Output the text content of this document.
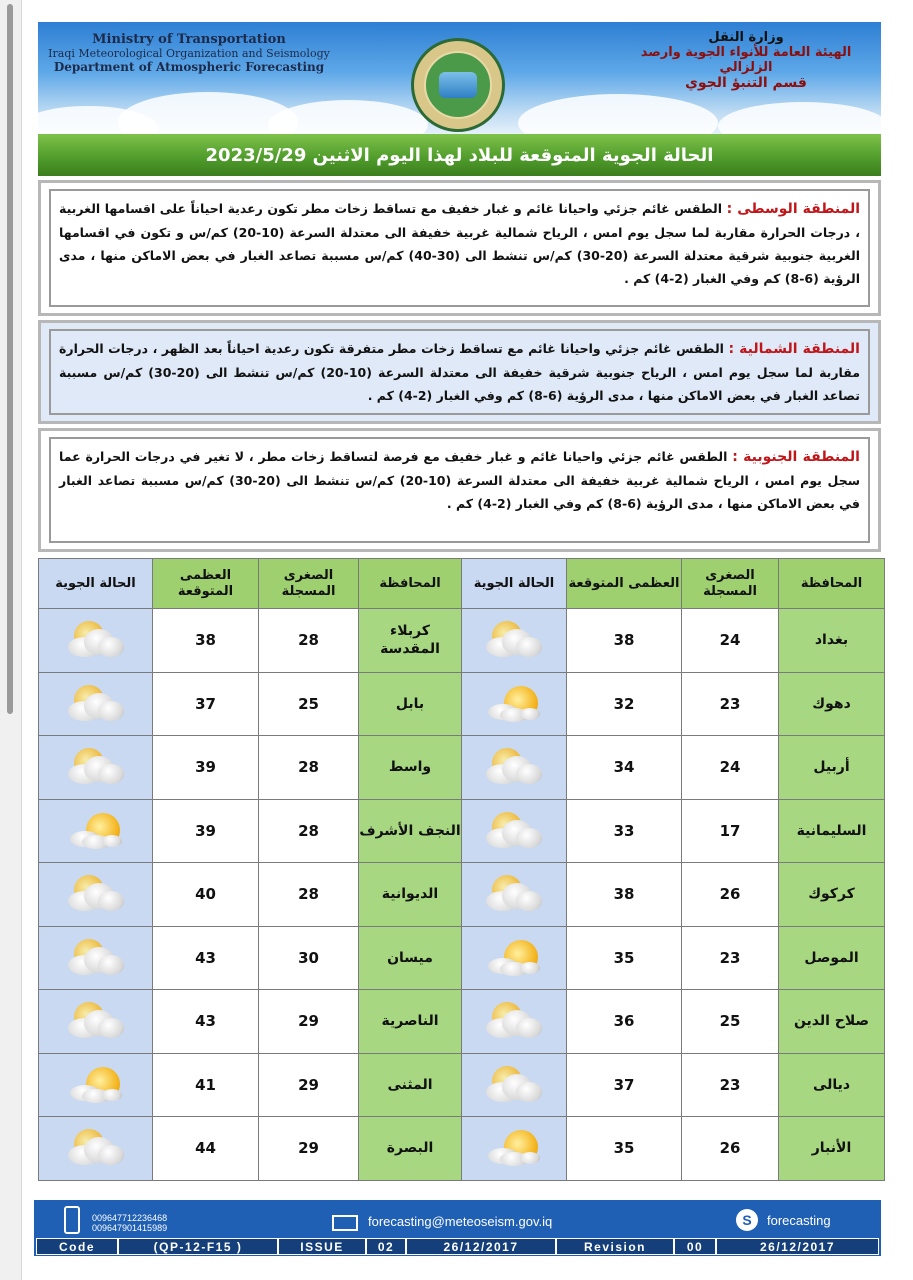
Ministry of Transportation
Iraqi Meteorological Organization and Seismology
Department of Atmospheric Forecasting
وزارة النقل
الهيئة العامة للأنواء الجوية وارصد الزلزالي
قسم التنبؤ الجوي
الحالة الجوية المتوقعة للبلاد لهذا اليوم الاثنين 2023/5/29
المنطقة الوسطى : الطقس غائم جزئي واحيانا غائم و غبار خفيف مع تساقط زخات مطر تكون رعدية احياناً على اقسامها الغربية ، درجات الحرارة مقاربة لما سجل يوم امس ، الرياح شمالية غربية خفيفة الى معتدلة السرعة (10-20) كم/س و تكون في اقسامها الغربية جنوبية شرقية معتدلة السرعة (20-30) كم/س تنشط الى (30-40) كم/س مسببة تصاعد الغبار في بعض الاماكن منها ، مدى الرؤية (6-8) كم وفي الغبار (2-4) كم .
المنطقة الشمالية : الطقس غائم جزئي واحيانا غائم مع تساقط زخات مطر متفرقة تكون رعدية احياناً بعد الظهر ، درجات الحرارة مقاربة لما سجل يوم امس ، الرياح جنوبية شرقية خفيفة الى معتدلة السرعة (10-20) كم/س تنشط الى (20-30) كم/س مسببة تصاعد الغبار في بعض الاماكن منها ، مدى الرؤية (6-8) كم وفي الغبار (2-4) كم .
المنطقة الجنوبية : الطقس غائم جزئي واحيانا غائم و غبار خفيف مع فرصة لتساقط زخات مطر ، لا تغير في درجات الحرارة عما سجل يوم امس ، الرياح شمالية غربية خفيفة الى معتدلة السرعة (10-20) كم/س تنشط الى (20-30) كم/س مسببة تصاعد الغبار في بعض الاماكن منها ، مدى الرؤية (6-8) كم وفي الغبار (2-4) كم .
المحافظة	الصغرى المسجلة	العظمى المتوقعة	الحالة الجوية	المحافظة	الصغرى المسجلة	العظمى المتوقعة	الحالة الجوية
بغداد	24	38		كربلاء المقدسة	28	38	

دهوك	23	32		بابل	25	37	

أربيل	24	34		واسط	28	39	

السليمانية	17	33		النجف الأشرف	28	39	

كركوك	26	38		الديوانية	28	40	

الموصل	23	35		ميسان	30	43	

صلاح الدين	25	36		الناصرية	29	43	

ديالى	23	37		المثنى	29	41	

الأنبار	26	35		البصرة	29	44	
009647712236468
009647901415989	forecasting@meteoseism.gov.iq	S	forecasting
Code	(QP-12-F15 )	ISSUE	02	26/12/2017	Revision	00	26/12/2017
